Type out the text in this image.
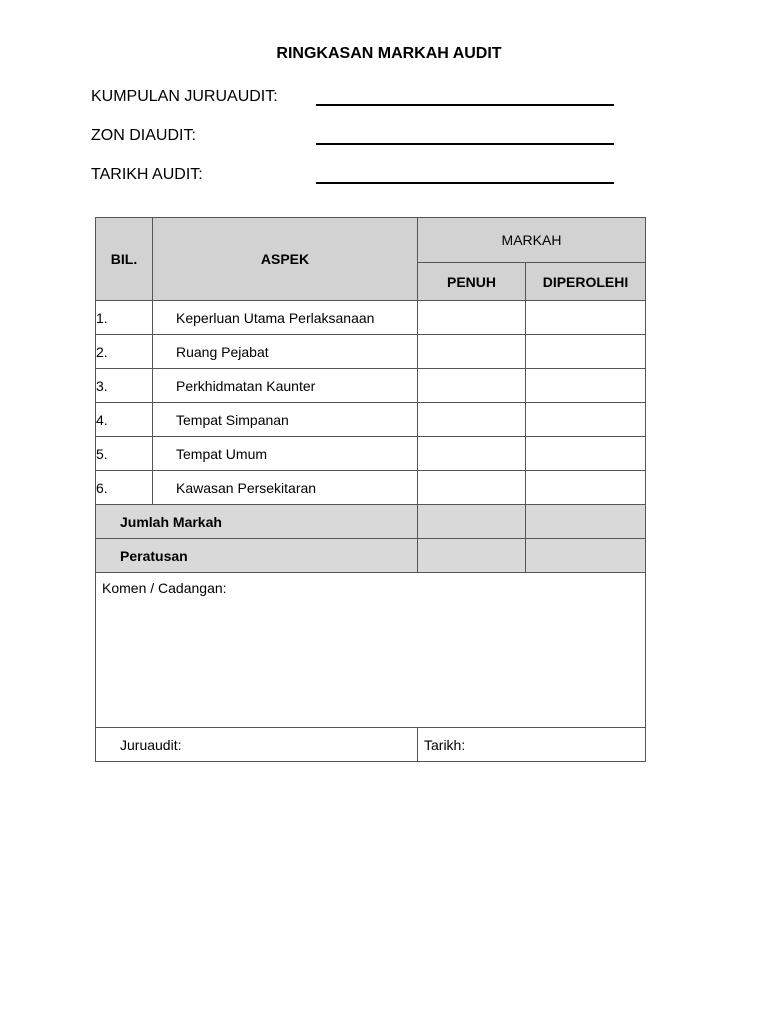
RINGKASAN MARKAH AUDIT
KUMPULAN JURUAUDIT:
ZON DIAUDIT:
TARIKH AUDIT:
BIL.	ASPEK	MARKAH	
		PENUH	DIPEROLEHI
1.	Keperluan Utama Perlaksanaan		
2.	Ruang Pejabat		
3.	Perkhidmatan Kaunter		
4.	Tempat Simpanan		
5.	Tempat Umum		
6.	Kawasan Persekitaran		
Jumlah Markah			
Peratusan			
Komen / Cadangan:			
Juruaudit:		Tarikh:	
